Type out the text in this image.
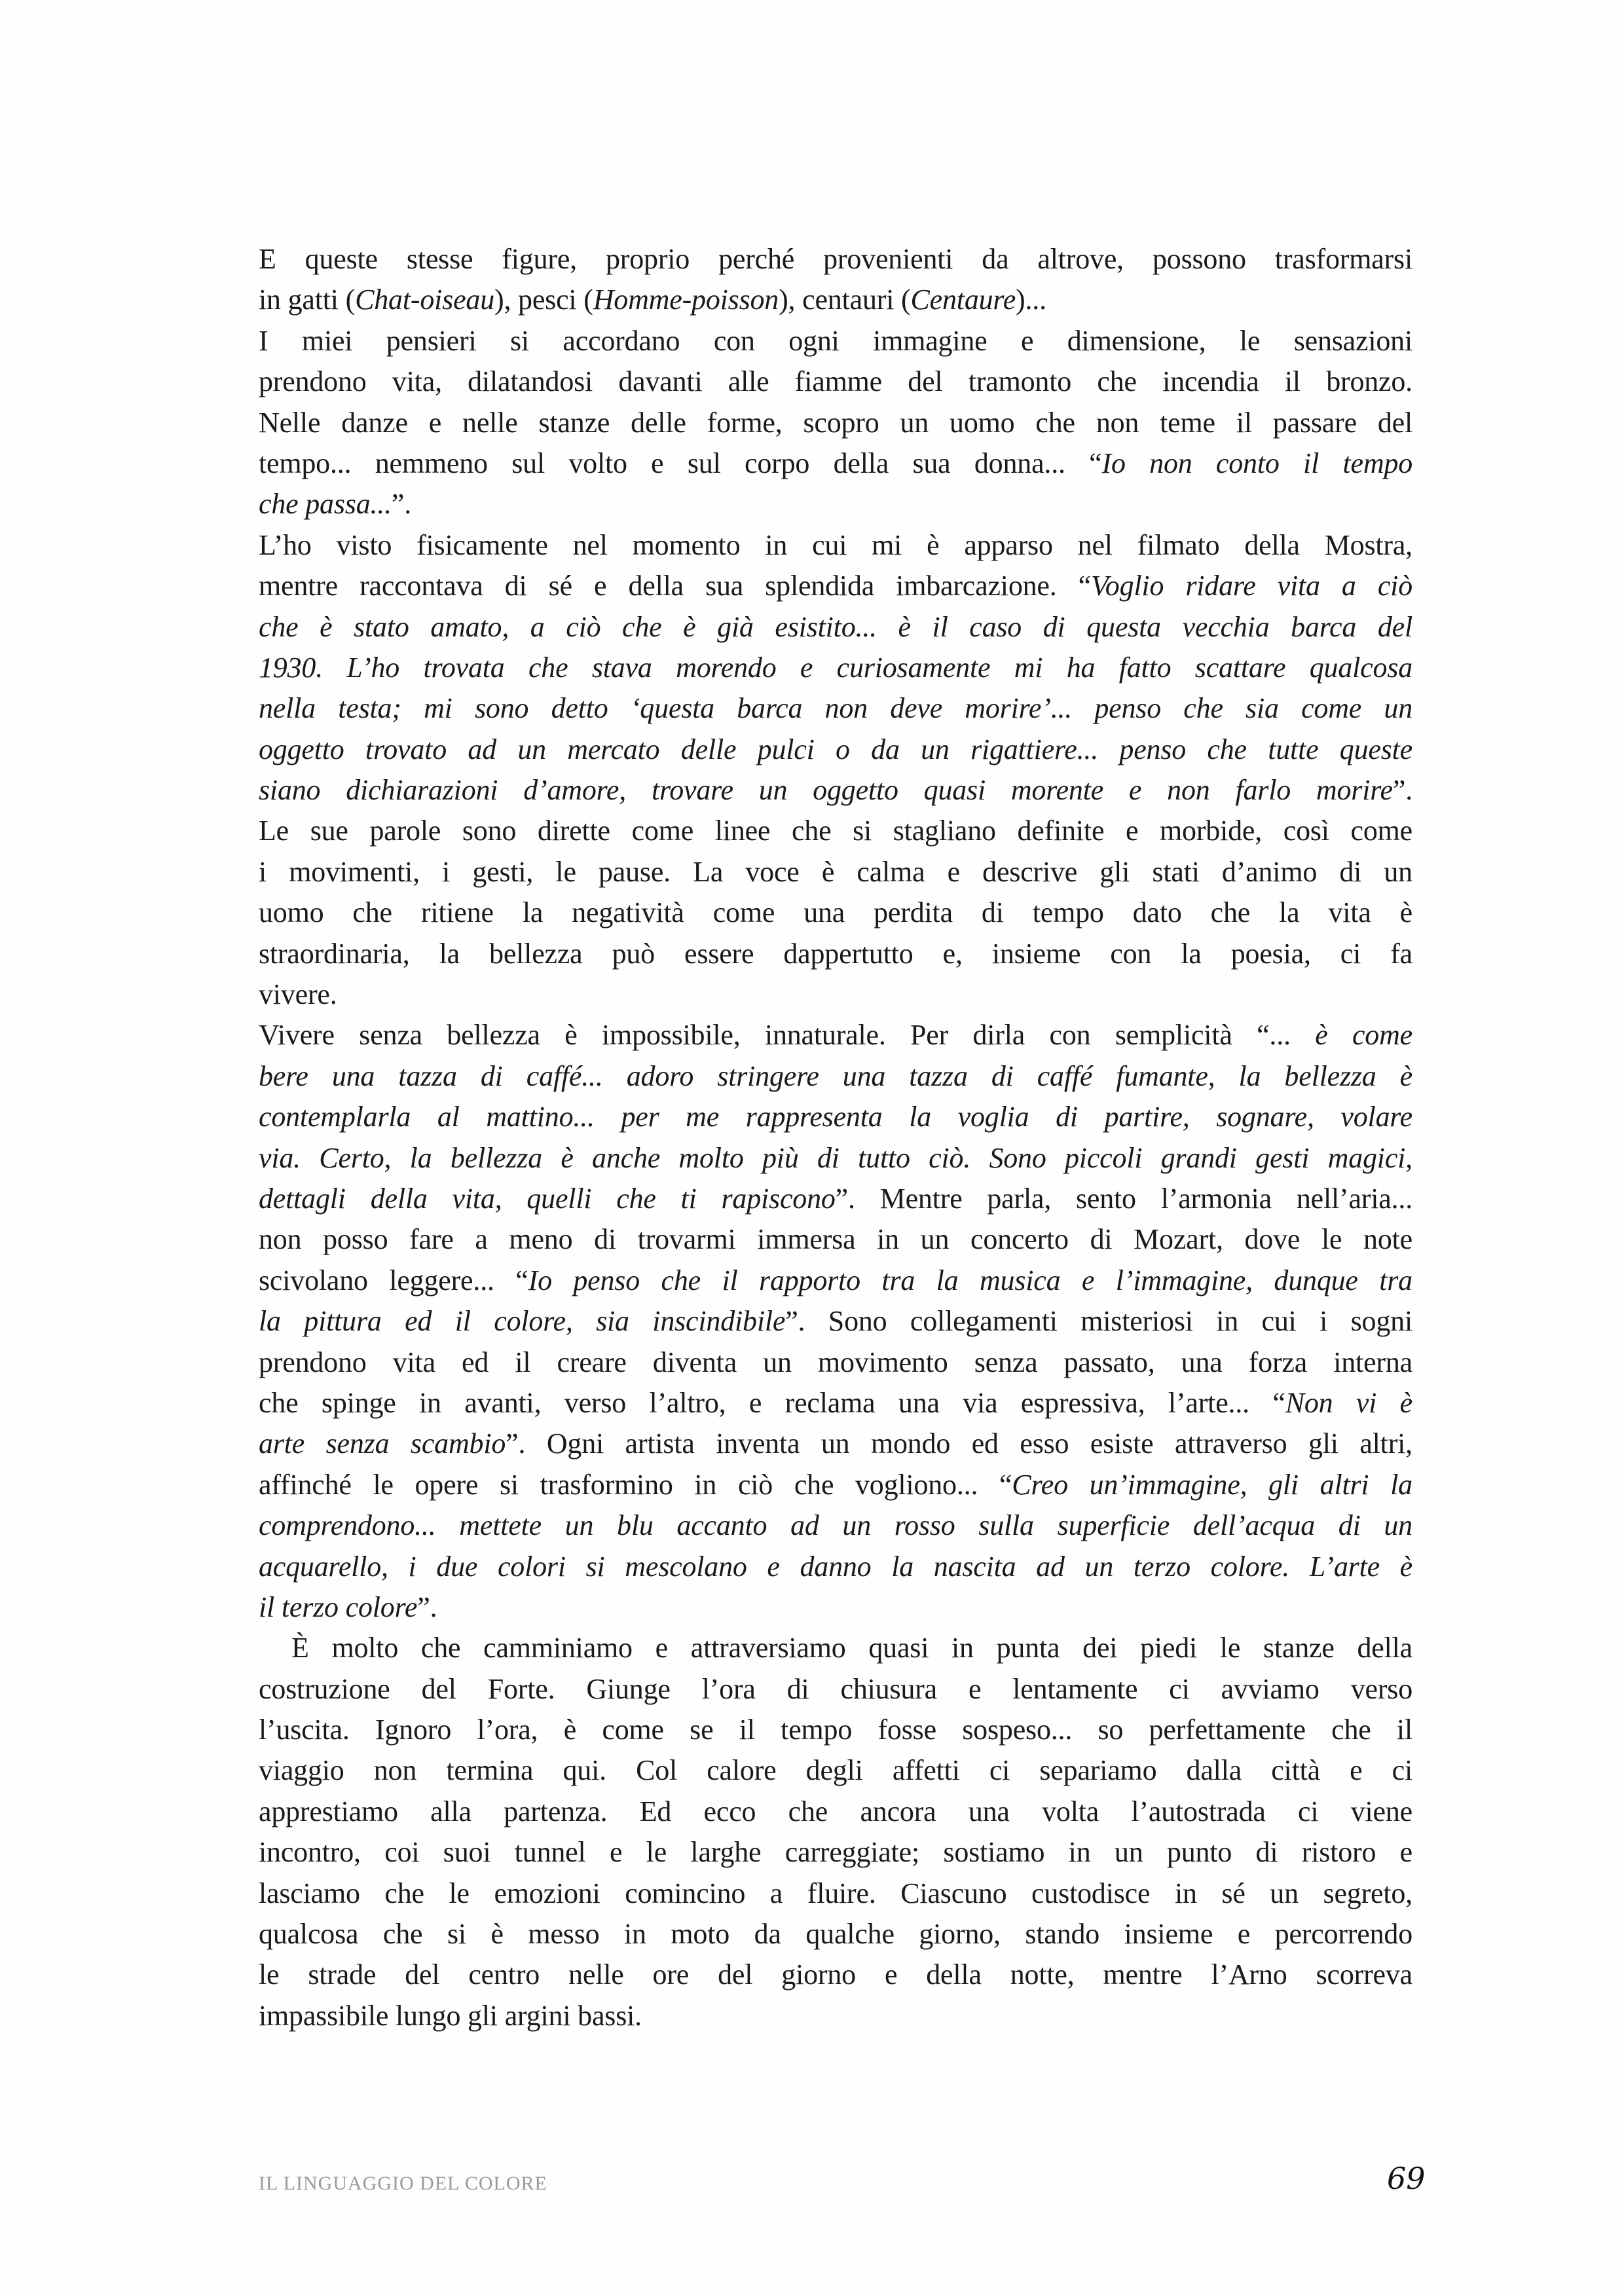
E queste stesse figure, proprio perché provenienti da altrove, possono trasformarsi
in gatti (Chat-oiseau), pesci (Homme-poisson), centauri (Centaure)...
I miei pensieri si accordano con ogni immagine e dimensione, le sensazioni
prendono vita, dilatandosi davanti alle fiamme del tramonto che incendia il bronzo.
Nelle danze e nelle stanze delle forme, scopro un uomo che non teme il passare del
tempo... nemmeno sul volto e sul corpo della sua donna... “Io non conto il tempo
che passa...”.
L’ho visto fisicamente nel momento in cui mi è apparso nel filmato della Mostra,
mentre raccontava di sé e della sua splendida imbarcazione. “Voglio ridare vita a ciò
che è stato amato, a ciò che è già esistito... è il caso di questa vecchia barca del
1930. L’ho trovata che stava morendo e curiosamente mi ha fatto scattare qualcosa
nella testa; mi sono detto ‘questa barca non deve morire’... penso che sia come un
oggetto trovato ad un mercato delle pulci o da un rigattiere... penso che tutte queste
siano dichiarazioni d’amore, trovare un oggetto quasi morente e non farlo morire”.
Le sue parole sono dirette come linee che si stagliano definite e morbide, così come
i movimenti, i gesti, le pause. La voce è calma e descrive gli stati d’animo di un
uomo che ritiene la negatività come una perdita di tempo dato che la vita è
straordinaria, la bellezza può essere dappertutto e, insieme con la poesia, ci fa
vivere.
Vivere senza bellezza è impossibile, innaturale. Per dirla con semplicità “... è come
bere una tazza di caffé... adoro stringere una tazza di caffé fumante, la bellezza è
contemplarla al mattino... per me rappresenta la voglia di partire, sognare, volare
via. Certo, la bellezza è anche molto più di tutto ciò. Sono piccoli grandi gesti magici,
dettagli della vita, quelli che ti rapiscono”. Mentre parla, sento l’armonia nell’aria...
non posso fare a meno di trovarmi immersa in un concerto di Mozart, dove le note
scivolano leggere... “Io penso che il rapporto tra la musica e l’immagine, dunque tra
la pittura ed il colore, sia inscindibile”. Sono collegamenti misteriosi in cui i sogni
prendono vita ed il creare diventa un movimento senza passato, una forza interna
che spinge in avanti, verso l’altro, e reclama una via espressiva, l’arte... “Non vi è
arte senza scambio”. Ogni artista inventa un mondo ed esso esiste attraverso gli altri,
affinché le opere si trasformino in ciò che vogliono... “Creo un’immagine, gli altri la
comprendono... mettete un blu accanto ad un rosso sulla superficie dell’acqua di un
acquarello, i due colori si mescolano e danno la nascita ad un terzo colore. L’arte è
il terzo colore”.
È molto che camminiamo e attraversiamo quasi in punta dei piedi le stanze della
costruzione del Forte. Giunge l’ora di chiusura e lentamente ci avviamo verso
l’uscita. Ignoro l’ora, è come se il tempo fosse sospeso... so perfettamente che il
viaggio non termina qui. Col calore degli affetti ci separiamo dalla città e ci
apprestiamo alla partenza. Ed ecco che ancora una volta l’autostrada ci viene
incontro, coi suoi tunnel e le larghe carreggiate; sostiamo in un punto di ristoro e
lasciamo che le emozioni comincino a fluire. Ciascuno custodisce in sé un segreto,
qualcosa che si è messo in moto da qualche giorno, stando insieme e percorrendo
le strade del centro nelle ore del giorno e della notte, mentre l’Arno scorreva
impassibile lungo gli argini bassi.
IL LINGUAGGIO DEL COLORE	69
